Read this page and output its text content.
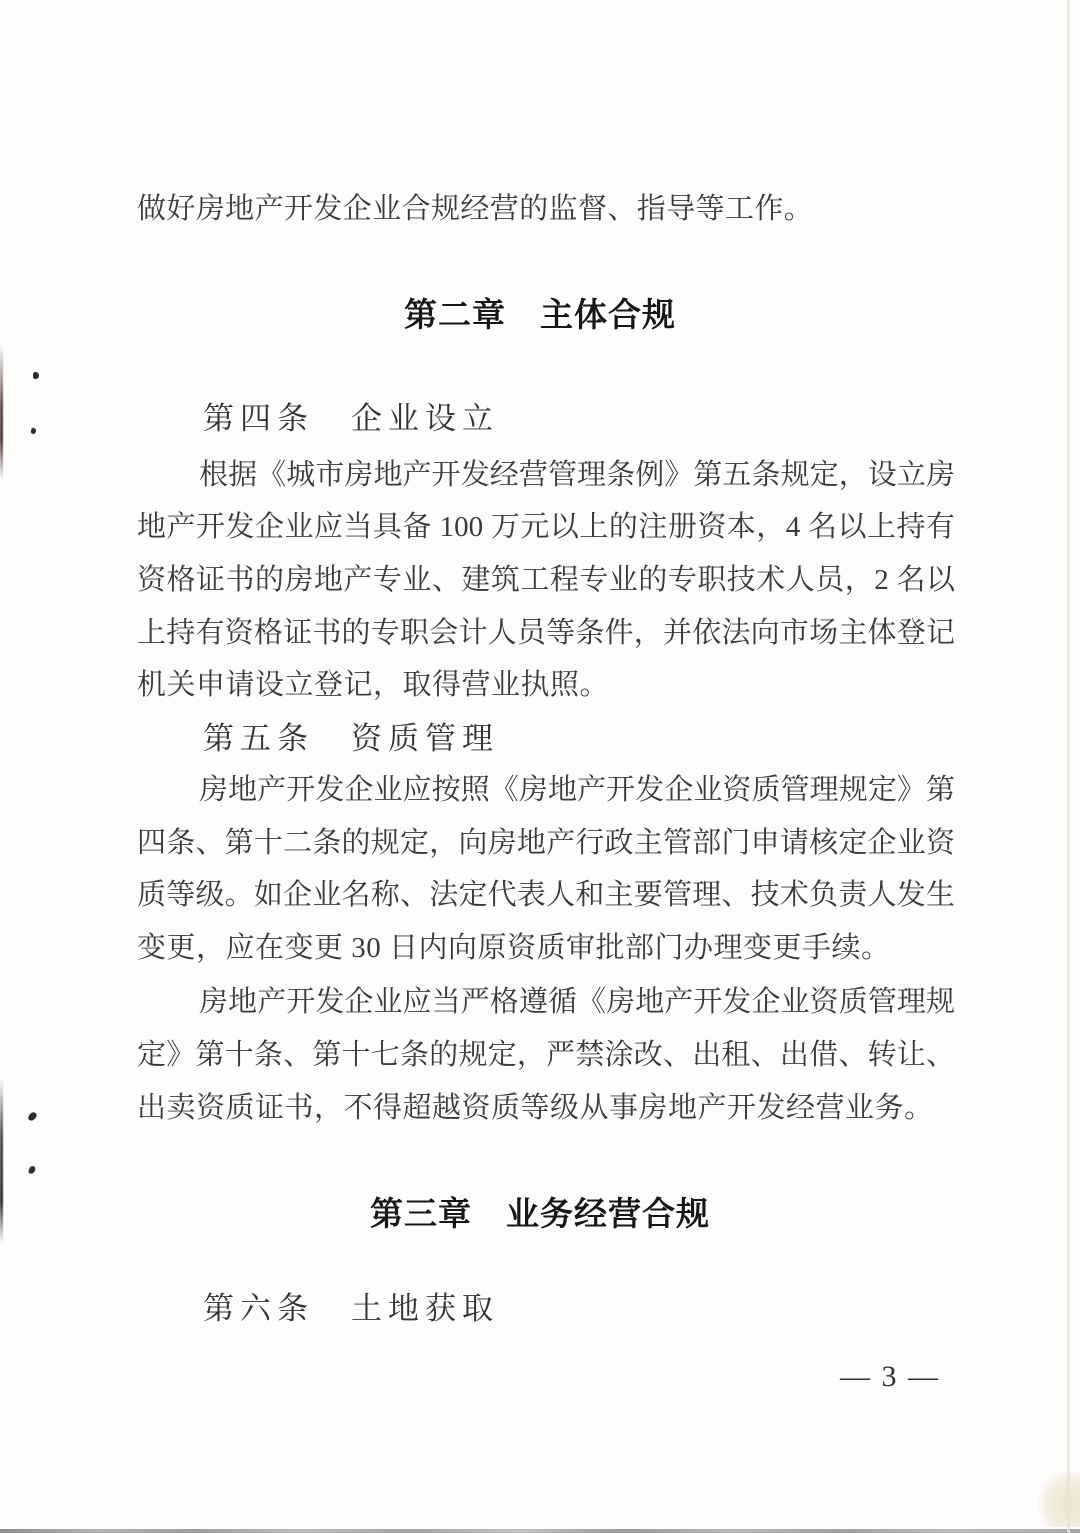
做好房地产开发企业合规经营的监督、指导等工作。
第二章　主体合规
第四条　企业设立
根据《城市房地产开发经营管理条例》第五条规定，设立房
地产开发企业应当具备 100 万元以上的注册资本，4 名以上持有
资格证书的房地产专业、建筑工程专业的专职技术人员，2 名以
上持有资格证书的专职会计人员等条件，并依法向市场主体登记
机关申请设立登记，取得营业执照。
第五条　资质管理
房地产开发企业应按照《房地产开发企业资质管理规定》第
四条、第十二条的规定，向房地产行政主管部门申请核定企业资
质等级。如企业名称、法定代表人和主要管理、技术负责人发生
变更，应在变更 30 日内向原资质审批部门办理变更手续。
房地产开发企业应当严格遵循《房地产开发企业资质管理规
定》第十条、第十七条的规定，严禁涂改、出租、出借、转让、
出卖资质证书，不得超越资质等级从事房地产开发经营业务。
第三章　业务经营合规
第六条　土地获取
— 3 —
